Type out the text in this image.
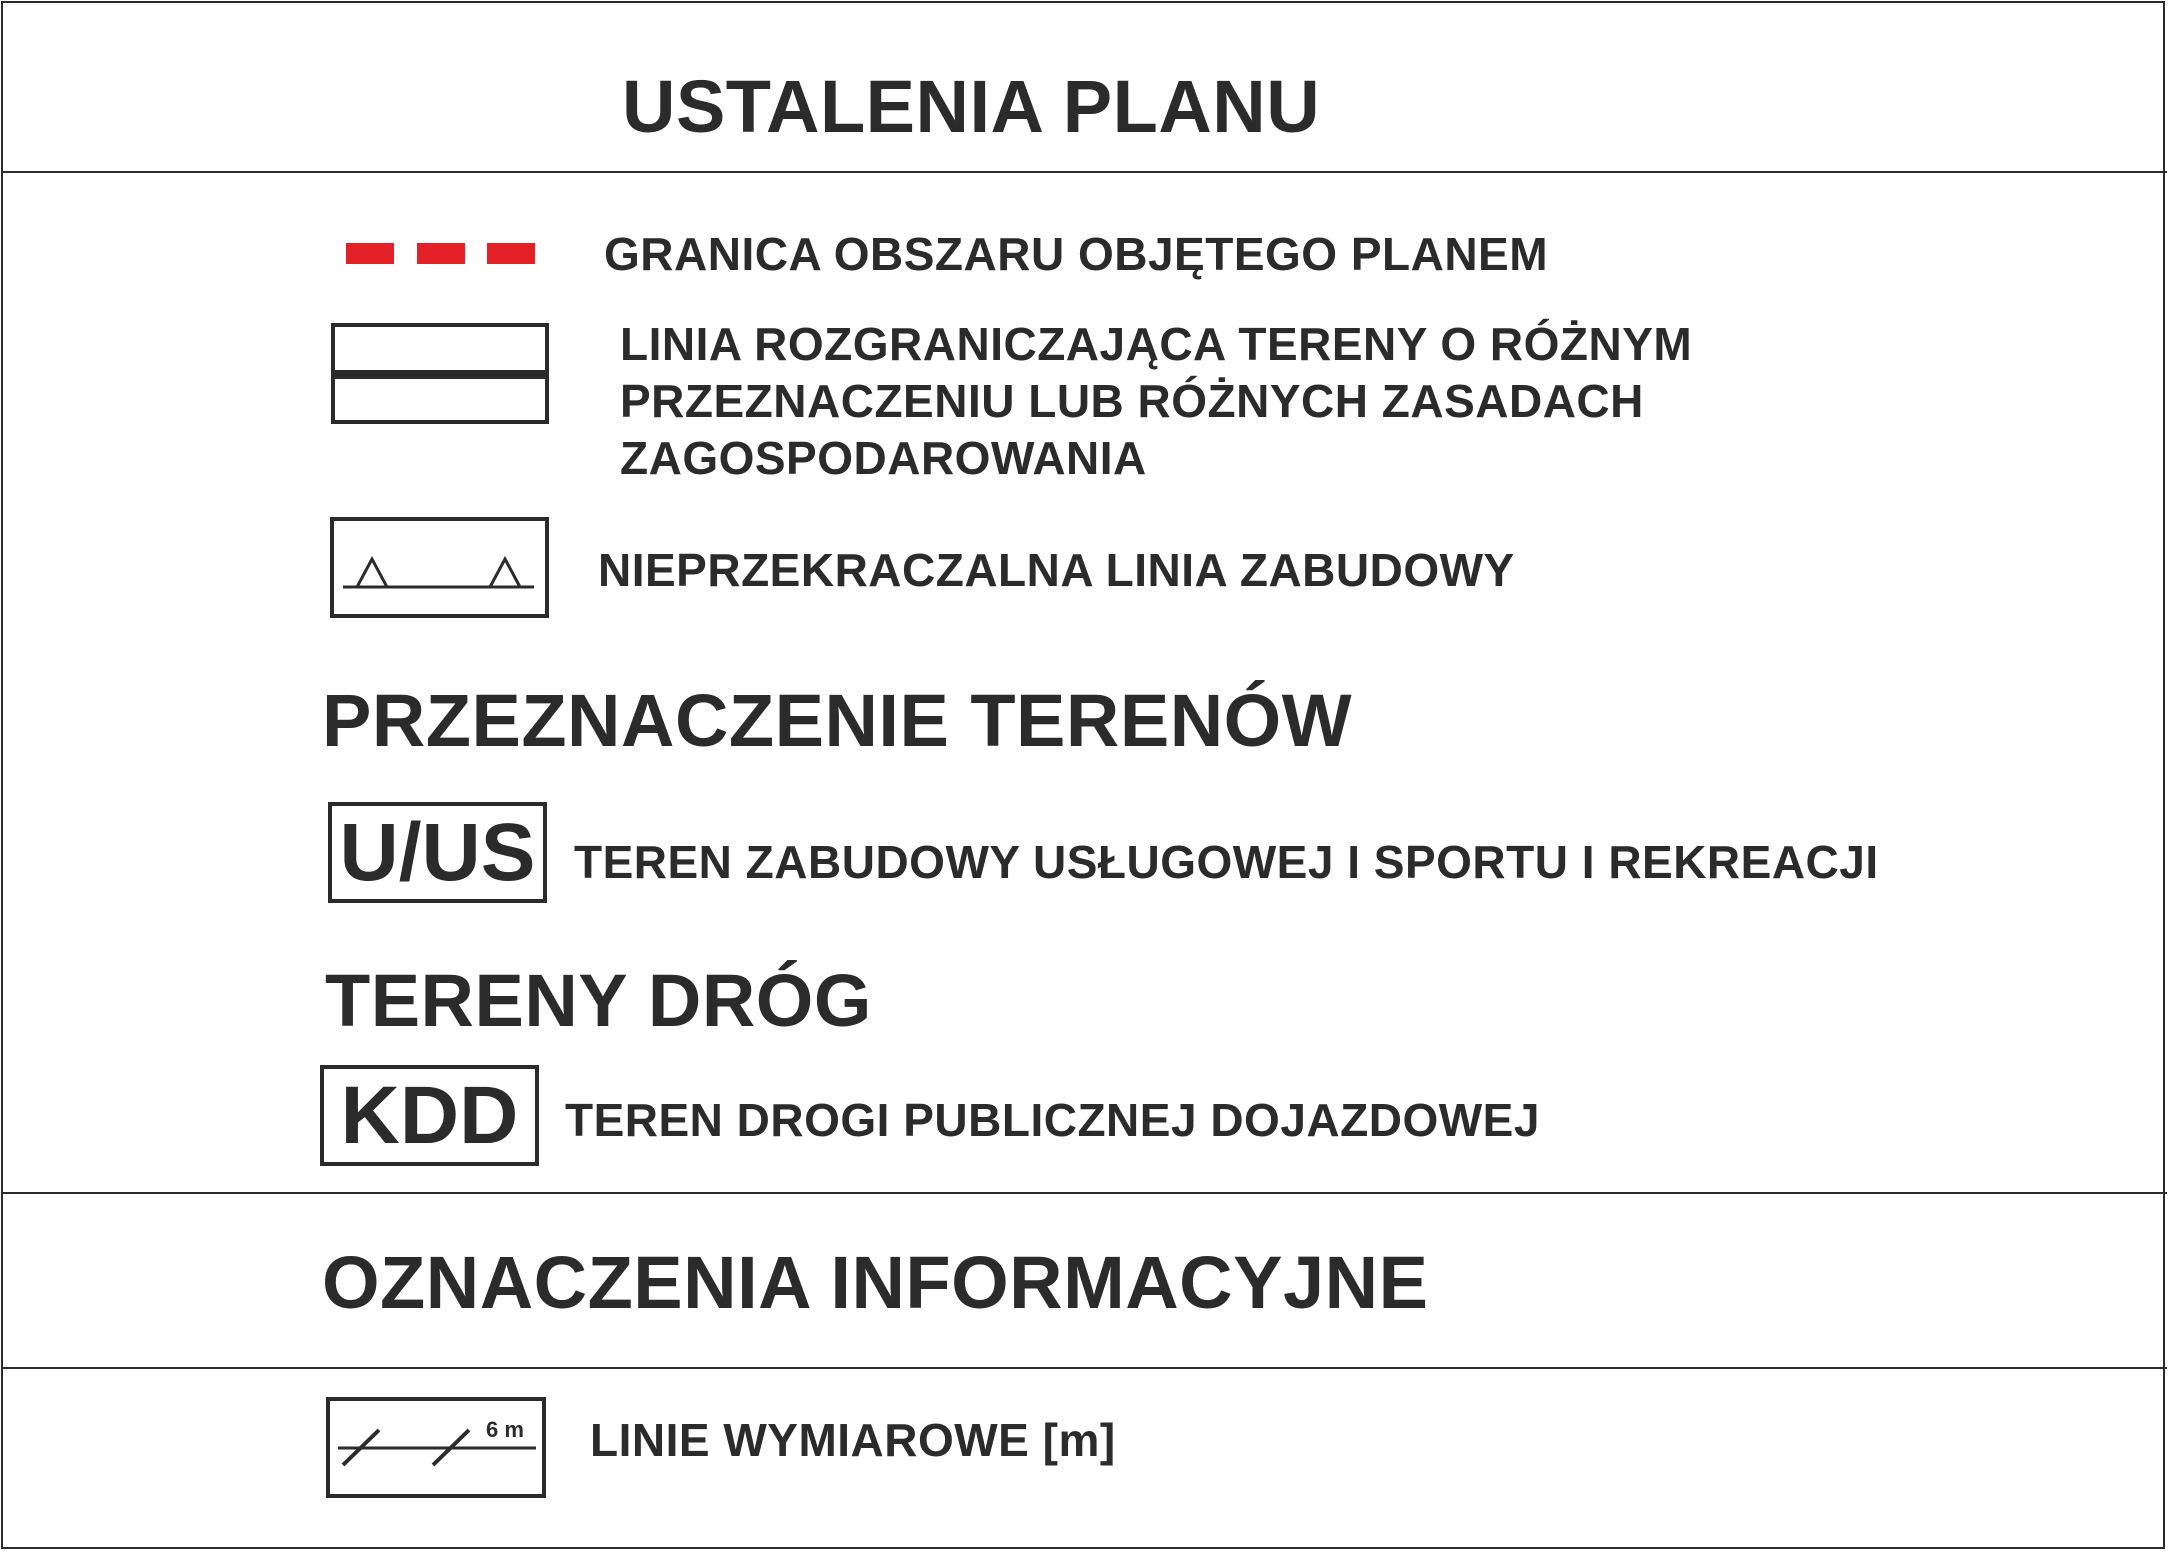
USTALENIA PLANU
GRANICA OBSZARU OBJĘTEGO PLANEM
LINIA ROZGRANICZAJĄCA TERENY O RÓŻNYM
PRZEZNACZENIU LUB RÓŻNYCH ZASADACH
ZAGOSPODAROWANIA
NIEPRZEKRACZALNA LINIA ZABUDOWY
PRZEZNACZENIE TERENÓW
U/US TEREN ZABUDOWY USŁUGOWEJ I SPORTU I REKREACJI
TERENY DRÓG
KDD	TEREN DROGI PUBLICZNEJ DOJAZDOWEJ
OZNACZENIA INFORMACYJNE
6 m LINIE WYMIAROWE [m]
